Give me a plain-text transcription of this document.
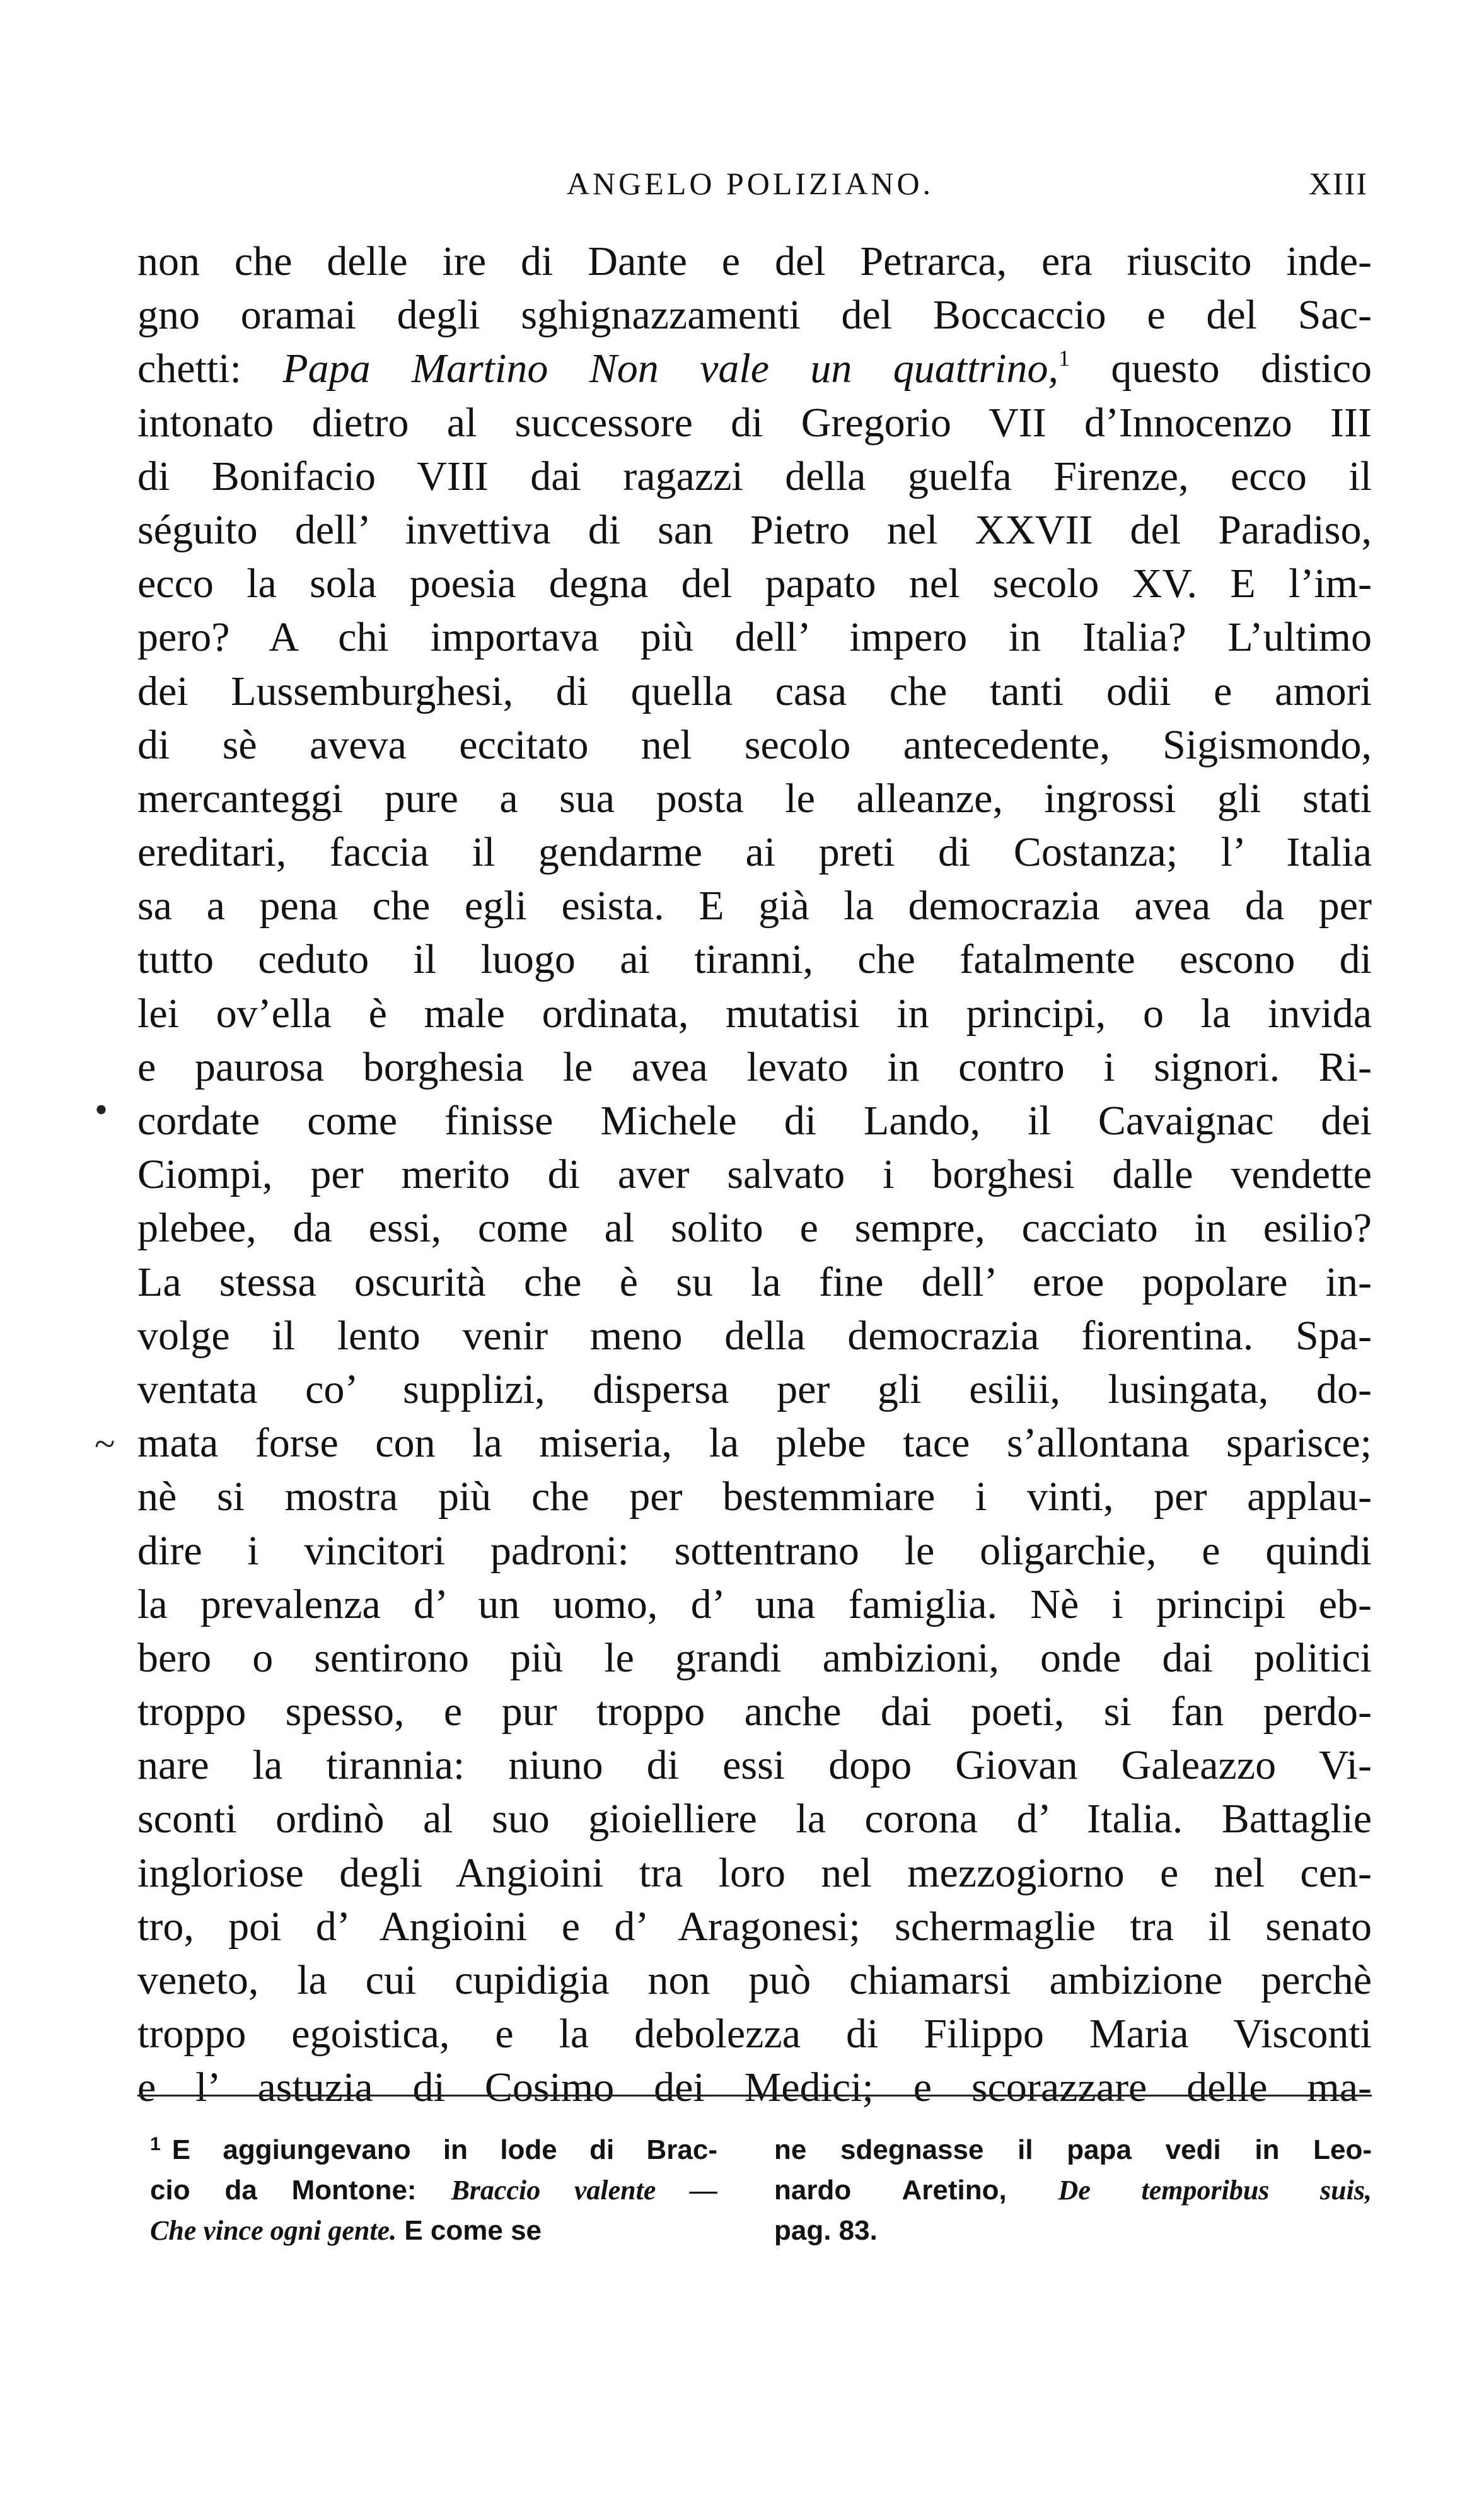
ANGELO POLIZIANO.	XIII
•
~
non che delle ire di Dante e del Petrarca, era riuscito inde-
gno oramai degli sghignazzamenti del Boccaccio e del Sac-
chetti: Papa Martino Non vale un quattrino,$^1$ questo distico
intonato dietro al successore di Gregorio VII d’Innocenzo III
di Bonifacio VIII dai ragazzi della guelfa Firenze, ecco il
séguito dell’ invettiva di san Pietro nel XXVII del Paradiso,
ecco la sola poesia degna del papato nel secolo XV. E l’im-
pero? A chi importava più dell’ impero in Italia? L’ultimo
dei Lussemburghesi, di quella casa che tanti odii e amori
di sè aveva eccitato nel secolo antecedente, Sigismondo,
mercanteggi pure a sua posta le alleanze, ingrossi gli stati
ereditari, faccia il gendarme ai preti di Costanza; l’ Italia
sa a pena che egli esista. E già la democrazia avea da per
tutto ceduto il luogo ai tiranni, che fatalmente escono di
lei ov’ella è male ordinata, mutatisi in principi, o la invida
e paurosa borghesia le avea levato in contro i signori. Ri-
cordate come finisse Michele di Lando, il Cavaignac dei
Ciompi, per merito di aver salvato i borghesi dalle vendette
plebee, da essi, come al solito e sempre, cacciato in esilio?
La stessa oscurità che è su la fine dell’ eroe popolare in-
volge il lento venir meno della democrazia fiorentina. Spa-
ventata co’ supplizi, dispersa per gli esilii, lusingata, do-
mata forse con la miseria, la plebe tace s’allontana sparisce;
nè si mostra più che per bestemmiare i vinti, per applau-
dire i vincitori padroni: sottentrano le oligarchie, e quindi
la prevalenza d’ un uomo, d’ una famiglia. Nè i principi eb-
bero o sentirono più le grandi ambizioni, onde dai politici
troppo spesso, e pur troppo anche dai poeti, si fan perdo-
nare la tirannia: niuno di essi dopo Giovan Galeazzo Vi-
sconti ordinò al suo gioielliere la corona d’ Italia. Battaglie
ingloriose degli Angioini tra loro nel mezzogiorno e nel cen-
tro, poi d’ Angioini e d’ Aragonesi; schermaglie tra il senato
veneto, la cui cupidigia non può chiamarsi ambizione perchè
troppo egoistica, e la debolezza di Filippo Maria Visconti
e l’ astuzia di Cosimo dei Medici; e scorazzare delle ma-
$^1$ E aggiungevano in lode di Brac-
cio da Montone: Braccio valente —
Che vince ogni gente. E come se
ne sdegnasse il papa vedi in Leo-
nardo Aretino, De temporibus suis,
pag. 83.
